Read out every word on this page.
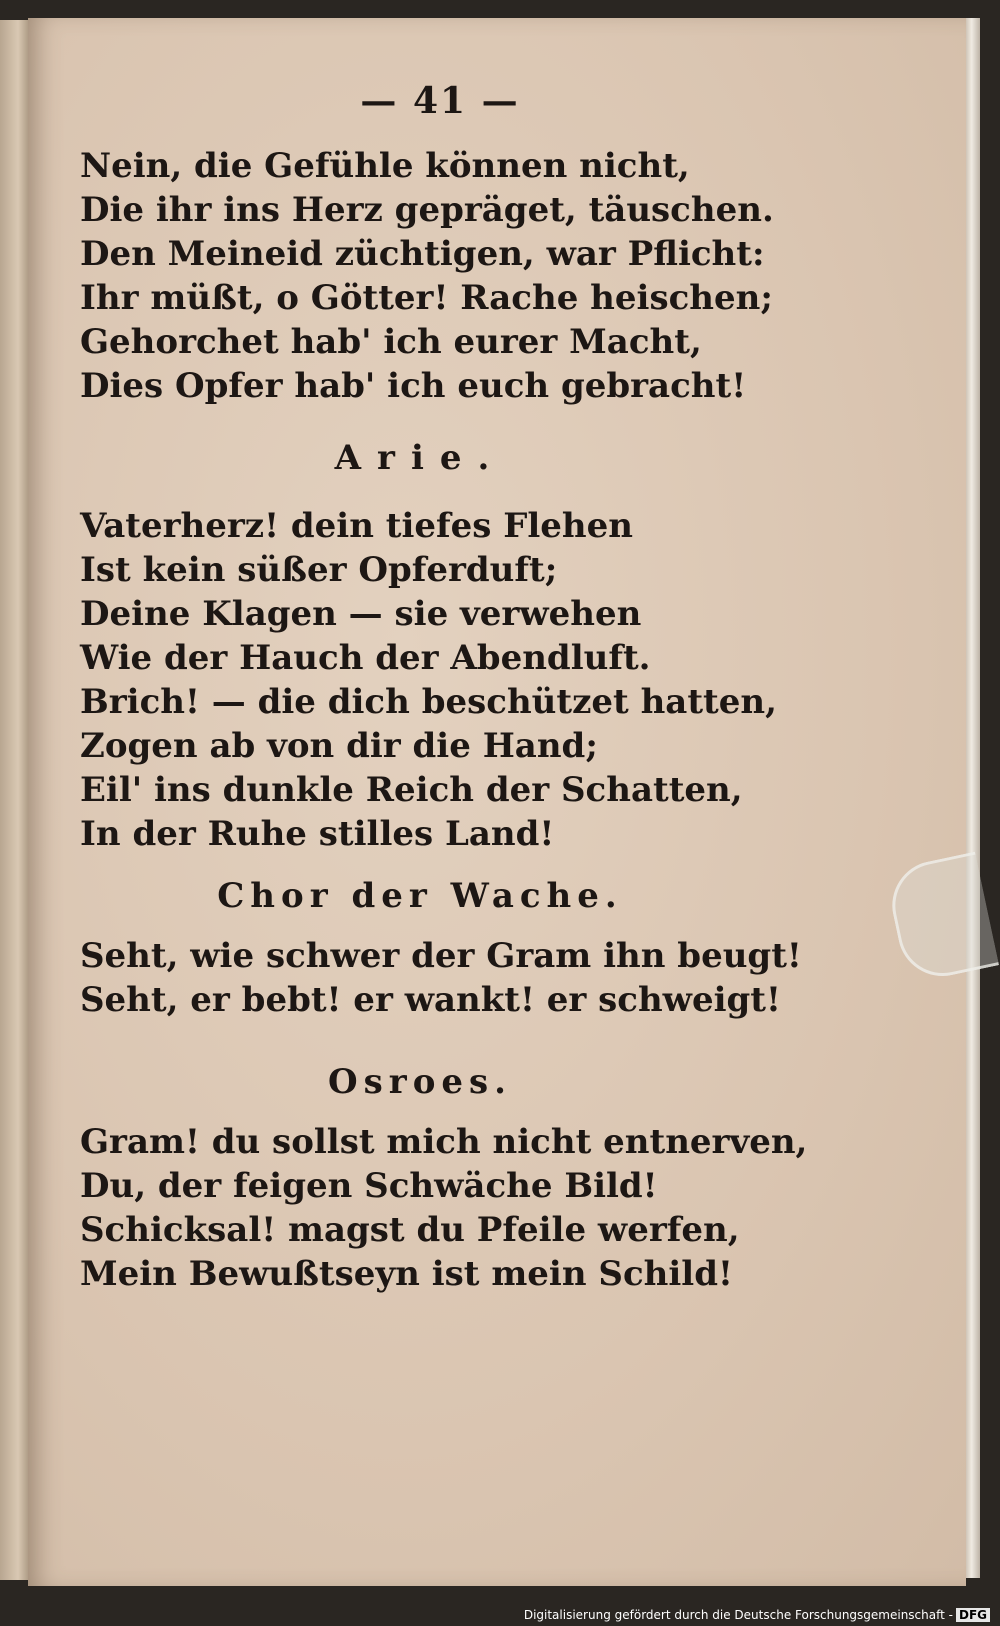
— 41 —
Nein, die Gefühle können nicht,
Die ihr ins Herz gepräget, täuschen.
Den Meineid züchtigen, war Pflicht:
Ihr müßt, o Götter! Rache heischen;
Gehorchet hab' ich eurer Macht,
Dies Opfer hab' ich euch gebracht!
Arie.
Vaterherz! dein tiefes Flehen
Ist kein süßer Opferduft;
Deine Klagen — sie verwehen
Wie der Hauch der Abendluft.
Brich! — die dich beschützet hatten,
Zogen ab von dir die Hand;
Eil' ins dunkle Reich der Schatten,
In der Ruhe stilles Land!
Chor der Wache.
Seht, wie schwer der Gram ihn beugt!
Seht, er bebt! er wankt! er schweigt!
Osroes.
Gram! du sollst mich nicht entnerven,
Du, der feigen Schwäche Bild!
Schicksal! magst du Pfeile werfen,
Mein Bewußtseyn ist mein Schild!
Digitalisierung gefördert durch die Deutsche Forschungsgemeinschaft - DFG
